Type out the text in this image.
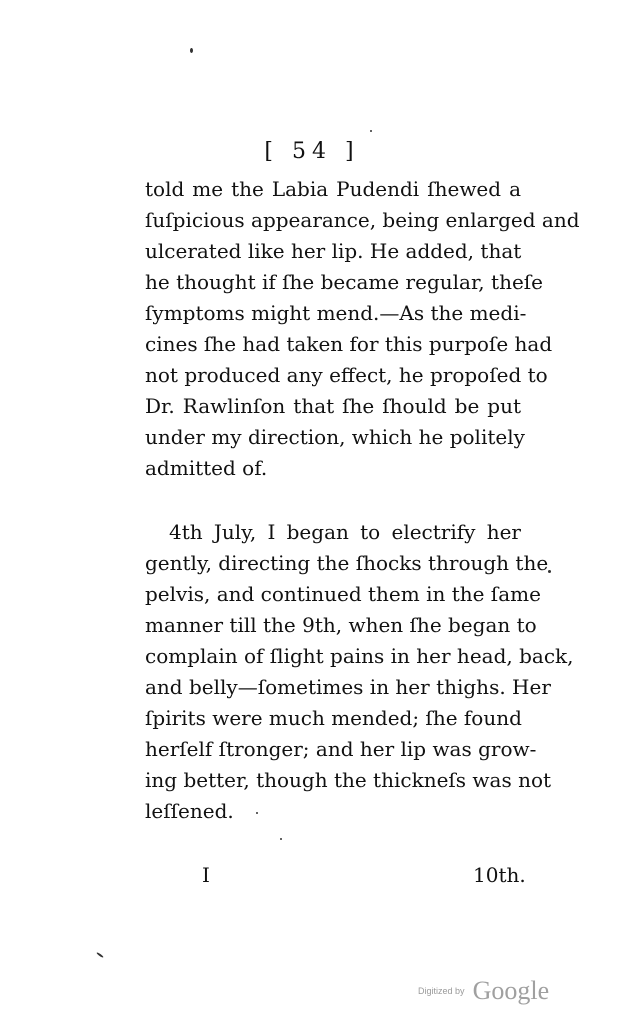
[ 54 ]
told me the Labia Pudendi ſhewed a
ſuſpicious appearance, being enlarged and
ulcerated like her lip. He added, that
he thought if ſhe became regular, theſe
ſymptoms might mend.—As the medi-
cines ſhe had taken for this purpoſe had
not produced any effect, he propoſed to
Dr. Rawlinſon that ſhe ſhould be put
under my direction, which he politely
admitted of.
4th July, I began to electrify her
gently, directing the ſhocks through the
pelvis, and continued them in the ſame
manner till the 9th, when ſhe began to
complain of ſlight pains in her head, back,
and belly—ſometimes in her thighs. Her
ſpirits were much mended; ſhe found
herſelf ſtronger; and her lip was grow-
ing better, though the thickneſs was not
leſſened.
I	10th.
Digitized by Google
